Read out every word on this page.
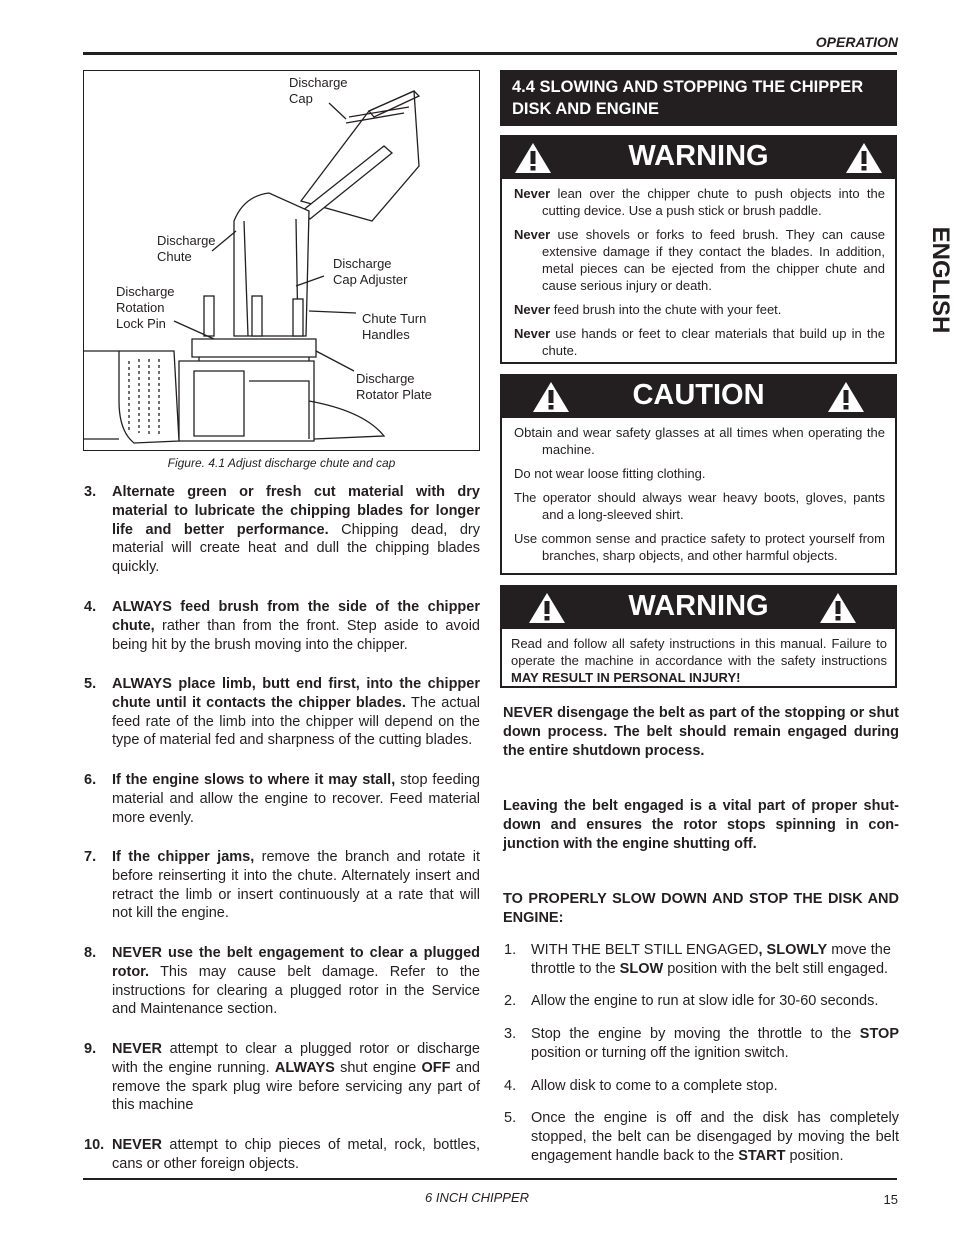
OPERATION
Discharge
Cap
Discharge
Chute	Discharge
Cap Adjuster
Discharge
Rotation
Lock Pin	Chute Turn
Handles
Discharge
Rotator Plate
Figure. 4.1 Adjust discharge chute and cap
3. Alternate green or fresh cut material with dry material to lubricate the chipping blades for longer life and better performance. Chipping dead, dry material will create heat and dull the chipping blades quickly.
4. ALWAYS feed brush from the side of the chipper chute, rather than from the front. Step aside to avoid being hit by the brush moving into the chipper.
5. ALWAYS place limb, butt end first, into the chipper chute until it contacts the chipper blades. The actual feed rate of the limb into the chipper will depend on the type of material fed and sharpness of the cutting blades.
6. If the engine slows to where it may stall, stop feeding material and allow the engine to recover. Feed material more evenly.
7. If the chipper jams, remove the branch and rotate it before reinserting it into the chute. Alternately insert and retract the limb or insert continuously at a rate that will not kill the engine.
8. NEVER use the belt engagement to clear a plugged rotor. This may cause belt damage. Refer to the instructions for clearing a plugged rotor in the Service and Maintenance section.
9. NEVER attempt to clear a plugged rotor or discharge with the engine running. ALWAYS shut engine OFF and remove the spark plug wire before servicing any part of this machine
10. NEVER attempt to chip pieces of metal, rock, bottles, cans or other foreign objects.
4.4 SLOWING AND STOPPING THE CHIPPER DISK AND ENGINE
WARNING

Never lean over the chipper chute to push objects into the cutting device. Use a push stick or brush paddle.

Never use shovels or forks to feed brush. They can cause extensive damage if they contact the blades. In addition, metal pieces can be ejected from the chipper chute and cause serious injury or death.

Never feed brush into the chute with your feet.

Never use hands or feet to clear materials that build up in the chute.

CAUTION

Obtain and wear safety glasses at all times when operating the machine.

Do not wear loose fitting clothing.

The operator should always wear heavy boots, gloves, pants and a long-sleeved shirt.

Use common sense and practice safety to protect yourself from branches, sharp objects, and other harmful objects.

WARNING

Read and follow all safety instructions in this manual. Failure to operate the machine in accordance with the safety instructions MAY RESULT IN PERSONAL INJURY!

NEVER disengage the belt as part of the stopping or shut down process. The belt should remain engaged during the entire shutdown process.
Leaving the belt engaged is a vital part of proper shut-down and ensures the rotor stops spinning in con-junction with the engine shutting off.
TO PROPERLY SLOW DOWN AND STOP THE DISK AND ENGINE:
1. WITH THE BELT STILL ENGAGED, SLOWLY move the throttle to the SLOW position with the belt still engaged.
2. Allow the engine to run at slow idle for 30-60 seconds.
3. Stop the engine by moving the throttle to the STOP position or turning off the ignition switch.
4. Allow disk to come to a complete stop.
5. Once the engine is off and the disk has completely stopped, the belt can be disengaged by moving the belt engagement handle back to the START position.
ENGLISH
6 INCH CHIPPER	15
